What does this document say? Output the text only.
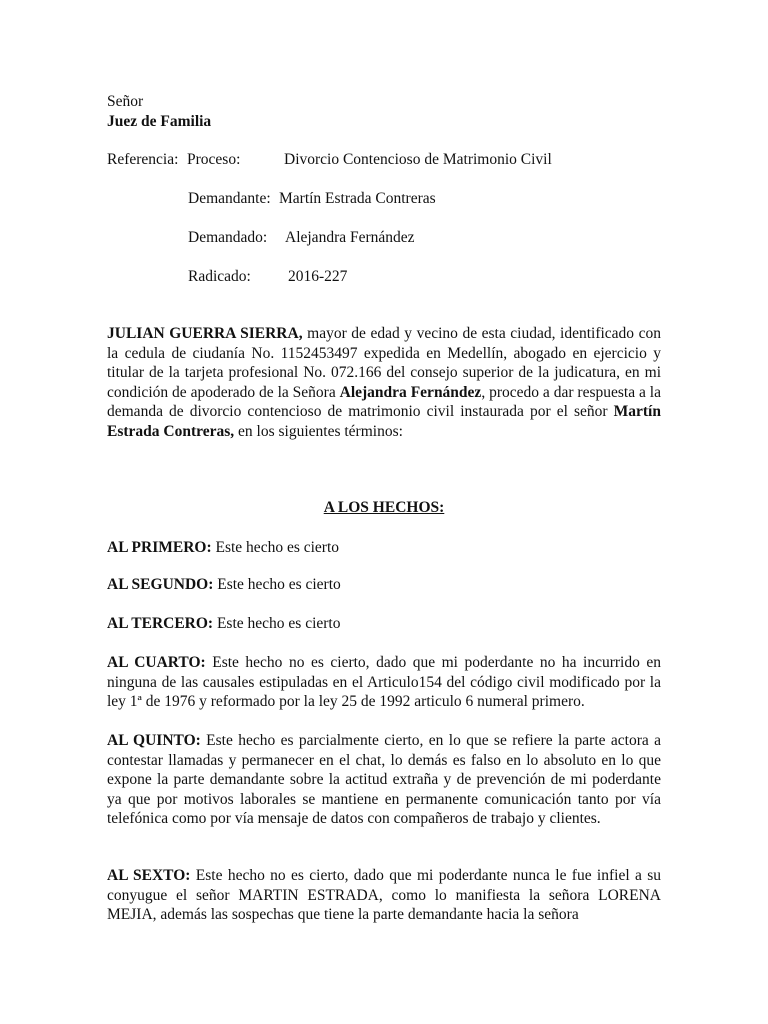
Señor
Juez de Familia
Referencia: Proceso:	Divorcio Contencioso de Matrimonio Civil
Demandante: Martín Estrada Contreras
Demandado: Alejandra Fernández
Radicado: 2016-227
JULIAN GUERRA SIERRA, mayor de edad y vecino de esta ciudad, identificado con la cedula de ciudanía No. 1152453497 expedida en Medellín, abogado en ejercicio y titular de la tarjeta profesional No. 072.166 del consejo superior de la judicatura, en mi condición de apoderado de la Señora Alejandra Fernández, procedo a dar respuesta a la demanda de divorcio contencioso de matrimonio civil instaurada por el señor Martín Estrada Contreras, en los siguientes términos:
A LOS HECHOS:
AL PRIMERO: Este hecho es cierto
AL SEGUNDO: Este hecho es cierto
AL TERCERO: Este hecho es cierto
AL CUARTO: Este hecho no es cierto, dado que mi poderdante no ha incurrido en ninguna de las causales estipuladas en el Articulo154 del código civil modificado por la ley 1ª de 1976 y reformado por la ley 25 de 1992 articulo 6 numeral primero.
AL QUINTO: Este hecho es parcialmente cierto, en lo que se refiere la parte actora a contestar llamadas y permanecer en el chat, lo demás es falso en lo absoluto en lo que expone la parte demandante sobre la actitud extraña y de prevención de mi poderdante ya que por motivos laborales se mantiene en permanente comunicación tanto por vía telefónica como por vía mensaje de datos con compañeros de trabajo y clientes.
AL SEXTO: Este hecho no es cierto, dado que mi poderdante nunca le fue infiel a su conyugue el señor MARTIN ESTRADA, como lo manifiesta la señora LORENA MEJIA, además las sospechas que tiene la parte demandante hacia la señora
